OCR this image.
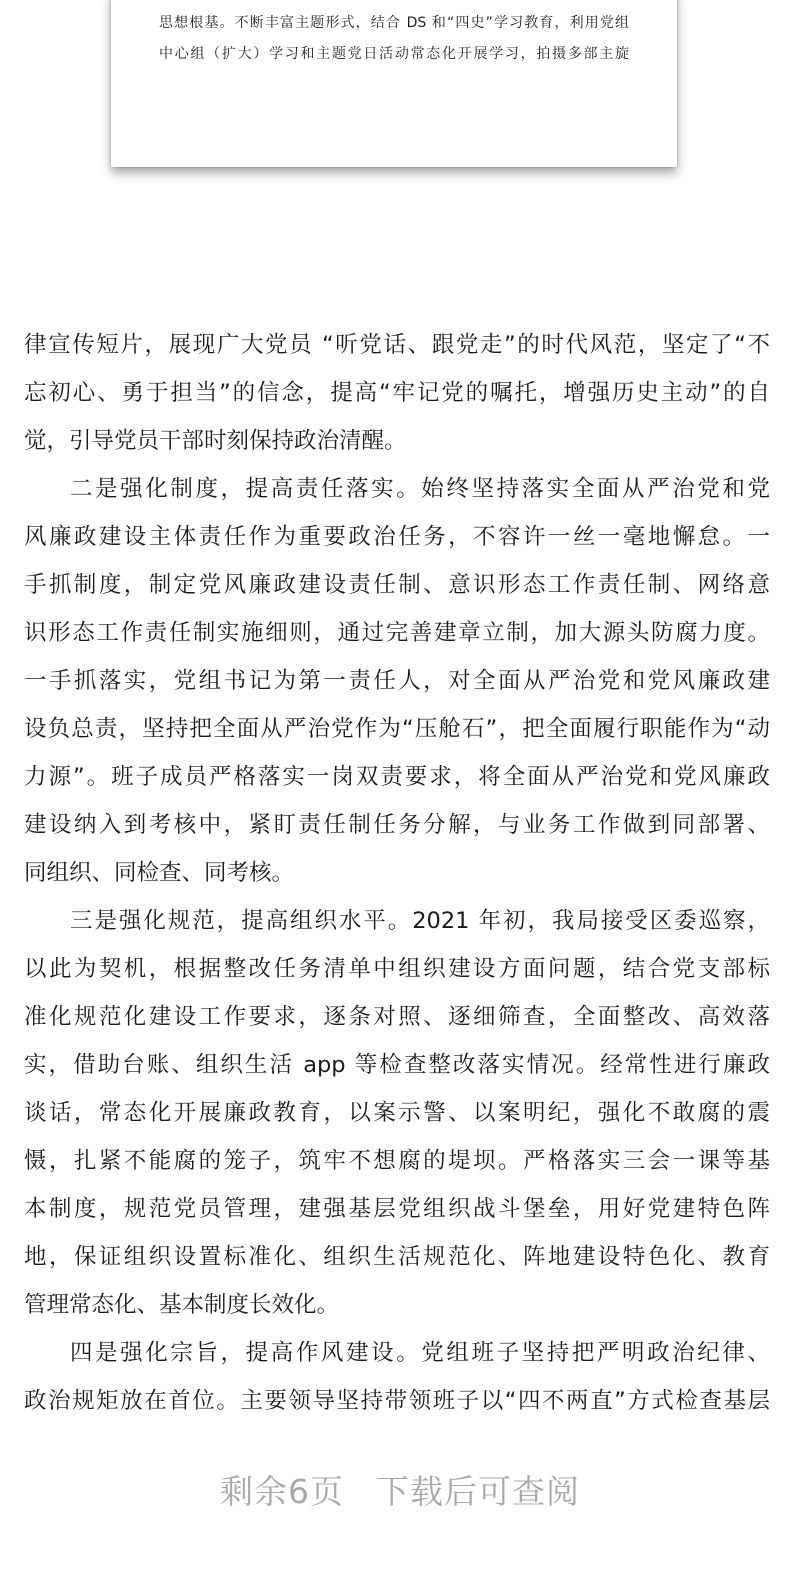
思想根基。不断丰富主题形式，结合 DS 和“四史”学习教育，利用党组
中心组（扩大）学习和主题党日活动常态化开展学习，拍摄多部主旋
律宣传短片，展现广大党员 “听党话、跟党走”的时代风范，坚定了“不
忘初心、勇于担当”的信念，提高“牢记党的嘱托，增强历史主动”的自
觉，引导党员干部时刻保持政治清醒。
二是强化制度，提高责任落实。始终坚持落实全面从严治党和党
风廉政建设主体责任作为重要政治任务，不容许一丝一毫地懈怠。一
手抓制度，制定党风廉政建设责任制、意识形态工作责任制、网络意
识形态工作责任制实施细则，通过完善建章立制，加大源头防腐力度。
一手抓落实，党组书记为第一责任人，对全面从严治党和党风廉政建
设负总责，坚持把全面从严治党作为“压舱石”，把全面履行职能作为“动
力源”。班子成员严格落实一岗双责要求，将全面从严治党和党风廉政
建设纳入到考核中，紧盯责任制任务分解，与业务工作做到同部署、
同组织、同检查、同考核。
三是强化规范，提高组织水平。2021 年初，我局接受区委巡察，
以此为契机，根据整改任务清单中组织建设方面问题，结合党支部标
准化规范化建设工作要求，逐条对照、逐细筛查，全面整改、高效落
实，借助台账、组织生活 app 等检查整改落实情况。经常性进行廉政
谈话，常态化开展廉政教育，以案示警、以案明纪，强化不敢腐的震
慑，扎紧不能腐的笼子，筑牢不想腐的堤坝。严格落实三会一课等基
本制度，规范党员管理，建强基层党组织战斗堡垒，用好党建特色阵
地，保证组织设置标准化、组织生活规范化、阵地建设特色化、教育
管理常态化、基本制度长效化。
四是强化宗旨，提高作风建设。党组班子坚持把严明政治纪律、
政治规矩放在首位。主要领导坚持带领班子以“四不两直”方式检查基层
剩余6页 下载后可查阅
